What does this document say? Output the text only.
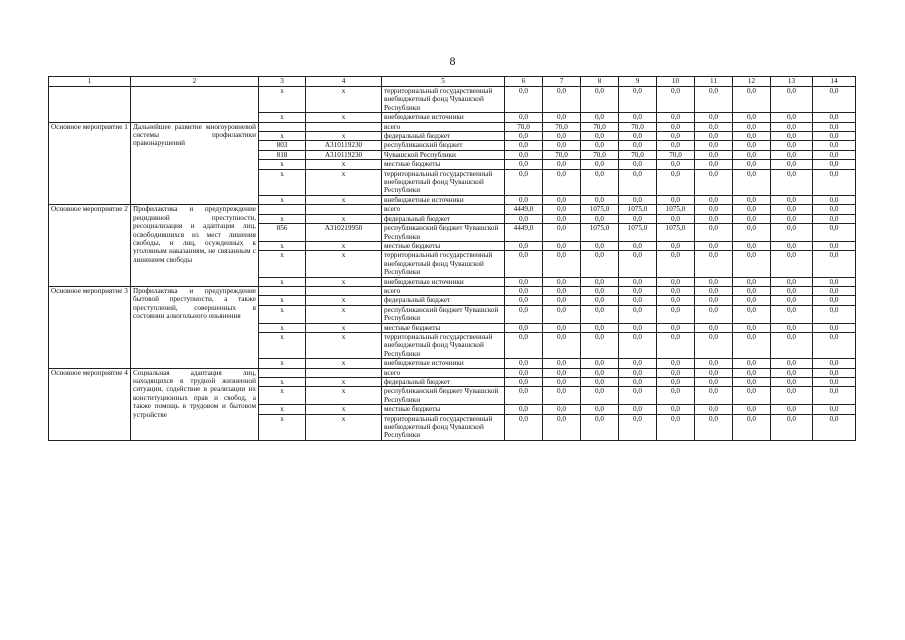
8
1	2	3	4	5	6	7	8	9	10	11	12	13	14
		х	х	территориальный государственный внебюджетный фонд Чувашской Республики	0,0	0,0	0,0	0,0	0,0	0,0	0,0	0,0	0,0
		х	х	внебюджетные источники	0,0	0,0	0,0	0,0	0,0	0,0	0,0	0,0	0,0
Основное мероприятие 1	Дальнейшее развитие многоуровневой системы профилактики правонарушений			всего	70,0	70,0	70,0	70,0	0,0	0,0	0,0	0,0	0,0
		х	х	федеральный бюджет	0,0	0,0	0,0	0,0	0,0	0,0	0,0	0,0	0,0
		803	А310119230	республиканский бюджет	0,0	0,0	0,0	0,0	0,0	0,0	0,0	0,0	0,0
		818	А310119230	Чувашской Республики	0,0	70,0	70,0	70,0	70,0	0,0	0,0	0,0	0,0
		х	х	местные бюджеты	0,0	0,0	0,0	0,0	0,0	0,0	0,0	0,0	0,0
		х	х	территориальный государственный внебюджетный фонд Чувашской Республики	0,0	0,0	0,0	0,0	0,0	0,0	0,0	0,0	0,0
		х	х	внебюджетные источники	0,0	0,0	0,0	0,0	0,0	0,0	0,0	0,0	0,0
Основное мероприятие 2	Профилактика и предупреждение рецидивной преступности, ресоциализация и адаптация лиц, освободившихся из мест лишения свободы, и лиц, осужденных к уголовным наказаниям, не связанным с лишением свободы			всего	4449,0	0,0	1075,0	1075,0	1075,0	0,0	0,0	0,0	0,0
		х	х	федеральный бюджет	0,0	0,0	0,0	0,0	0,0	0,0	0,0	0,0	0,0
		856	А310219950	республиканский бюджет Чувашской Республики	4449,0	0,0	1075,0	1075,0	1075,0	0,0	0,0	0,0	0,0
		х	х	местные бюджеты	0,0	0,0	0,0	0,0	0,0	0,0	0,0	0,0	0,0
		х	х	территориальный государственный внебюджетный фонд Чувашской Республики	0,0	0,0	0,0	0,0	0,0	0,0	0,0	0,0	0,0
		х	х	внебюджетные источники	0,0	0,0	0,0	0,0	0,0	0,0	0,0	0,0	0,0
Основное мероприятие 3	Профилактика и предупреждение бытовой преступности, а также преступлений, совершенных в состоянии алкогольного опьянения			всего	0,0	0,0	0,0	0,0	0,0	0,0	0,0	0,0	0,0
		х	х	федеральный бюджет	0,0	0,0	0,0	0,0	0,0	0,0	0,0	0,0	0,0
		х	х	республиканский бюджет Чувашской Республики	0,0	0,0	0,0	0,0	0,0	0,0	0,0	0,0	0,0
		х	х	местные бюджеты	0,0	0,0	0,0	0,0	0,0	0,0	0,0	0,0	0,0
		х	х	территориальный государственный внебюджетный фонд Чувашской Республики	0,0	0,0	0,0	0,0	0,0	0,0	0,0	0,0	0,0
		х	х	внебюджетные источники	0,0	0,0	0,0	0,0	0,0	0,0	0,0	0,0	0,0
Основное мероприятие 4	Социальная адаптация лиц, находящихся в трудной жизненной ситуации, содействие в реализации их конституционных прав и свобод, а также помощь в трудовом и бытовом устройстве			всего	0,0	0,0	0,0	0,0	0,0	0,0	0,0	0,0	0,0
		х	х	федеральный бюджет	0,0	0,0	0,0	0,0	0,0	0,0	0,0	0,0	0,0
		х	х	республиканский бюджет Чувашской Республики	0,0	0,0	0,0	0,0	0,0	0,0	0,0	0,0	0,0
		х	х	местные бюджеты	0,0	0,0	0,0	0,0	0,0	0,0	0,0	0,0	0,0
		х	х	территориальный государственный внебюджетный фонд Чувашской Республики	0,0	0,0	0,0	0,0	0,0	0,0	0,0	0,0	0,0
